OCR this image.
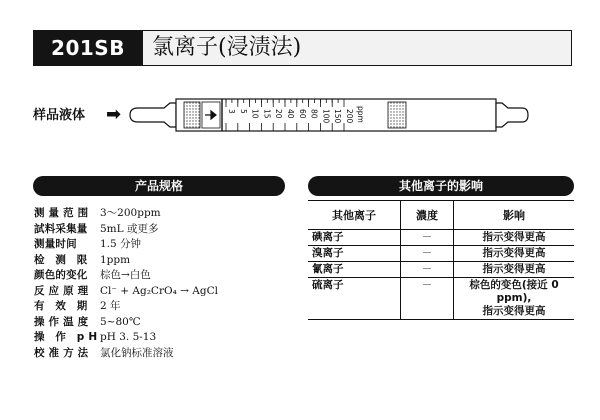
201SB	氯离子(浸渍法)
样品液体 ➡	3 5 10 15 20 40 60 80 100 150 200 ppm
产品规格
测 量 范 围	3～200ppm
試料采集量	5mL 或更多
测量时间	1.5 分钟
检　测　限	1ppm
颜色的变化	棕色→白色
反 应 原 理	Cl⁻ + Ag₂CrO₄ → AgCl
有　效　期	2 年
操 作 温 度	5~80℃
操　作　p H pH 3. 5-13
校 准 方 法	氯化钠标准溶液
其他离子的影响
其他离子	濃度	影响
碘离子	－	指示变得更高
溴离子	－	指示变得更高
氰离子	－	指示变得更高
硫离子	－	棕色的变色(接近 0 ppm),
指示变得更高
